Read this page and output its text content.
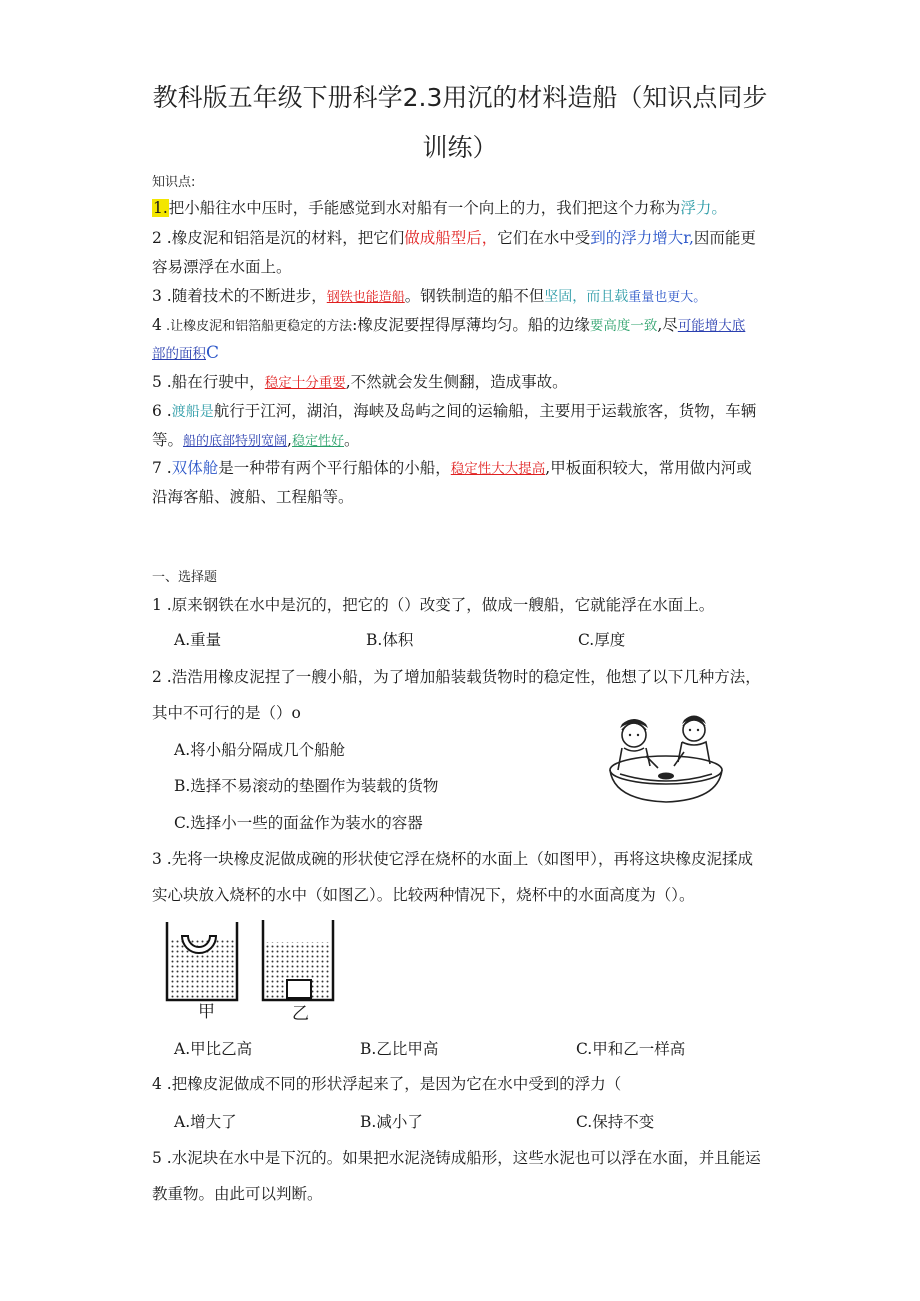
教科版五年级下册科学2.3用沉的材料造船（知识点同步
训练）
知识点:
1.把小船往水中压时，手能感觉到水对船有一个向上的力，我们把这个力称为浮力。
2 .橡皮泥和铝箔是沉的材料，把它们做成船型后，它们在水中受到的浮力增大r,因而能更
容易漂浮在水面上。
3 .随着技术的不断进步，钢铁也能造船。钢铁制造的船不但坚固，而且载重量也更大。
4 .让橡皮泥和铝箔船更稳定的方法:橡皮泥要捏得厚薄均匀。船的边缘要高度一致,尽可能增大底
部的面积C
5 .船在行驶中，稳定十分重要,不然就会发生侧翻，造成事故。
6 .渡船是航行于江河，湖泊，海峡及岛屿之间的运输船，主要用于运载旅客，货物，车辆
等。船的底部特别宽阔,稳定性好。
7 .双体舱是一种带有两个平行船体的小船，稳定性大大提高,甲板面积较大，常用做内河或
沿海客船、渡船、工程船等。
一、选择题
1 .原来钢铁在水中是沉的，把它的（）改变了，做成一艘船，它就能浮在水面上。
A.重量	B.体积	C.厚度
2 .浩浩用橡皮泥捏了一艘小船，为了增加船装载货物时的稳定性，他想了以下几种方法，
其中不可行的是（）o
A.将小船分隔成几个船舱
B.选择不易滚动的垫圈作为装载的货物
C.选择小一些的面盆作为装水的容器
3 .先将一块橡皮泥做成碗的形状使它浮在烧杯的水面上（如图甲），再将这块橡皮泥揉成
实心块放入烧杯的水中（如图乙）。比较两种情况下，烧杯中的水面高度为（）。
甲	乙
A.甲比乙高	B.乙比甲高	C.甲和乙一样高
4 .把橡皮泥做成不同的形状浮起来了，是因为它在水中受到的浮力（
A.增大了	B.减小了	C.保持不变
5 .水泥块在水中是下沉的。如果把水泥浇铸成船形，这些水泥也可以浮在水面，并且能运
教重物。由此可以判断。
